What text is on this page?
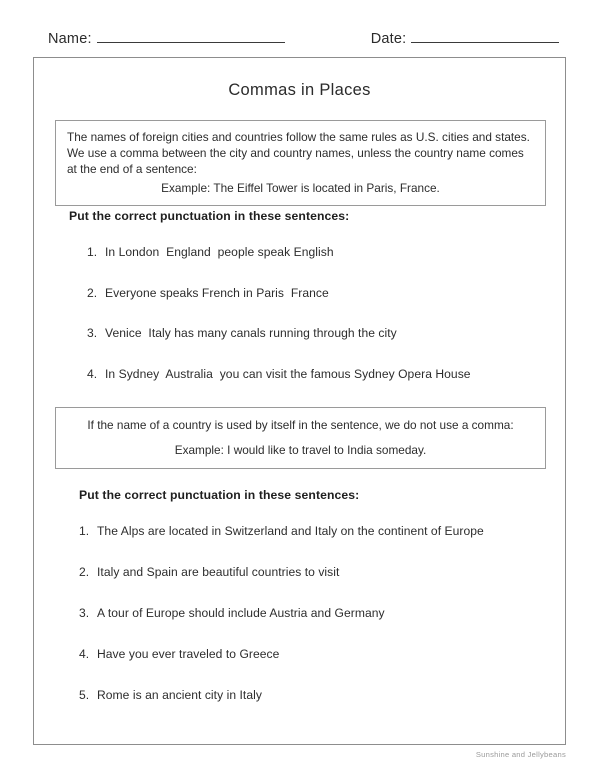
Name:	Date:
Commas in Places
The names of foreign cities and countries follow the same rules as U.S. cities and states. We use a comma between the city and country names, unless the country name comes at the end of a sentence:
Example: The Eiffel Tower is located in Paris, France.
Put the correct punctuation in these sentences:
1. In London  England  people speak English
2. Everyone speaks French in Paris  France
3. Venice  Italy has many canals running through the city
4. In Sydney  Australia  you can visit the famous Sydney Opera House
If the name of a country is used by itself in the sentence, we do not use a comma:
Example: I would like to travel to India someday.
Put the correct punctuation in these sentences:
1. The Alps are located in Switzerland and Italy on the continent of Europe
2. Italy and Spain are beautiful countries to visit
3. A tour of Europe should include Austria and Germany
4. Have you ever traveled to Greece
5. Rome is an ancient city in Italy
Sunshine and Jellybeans
